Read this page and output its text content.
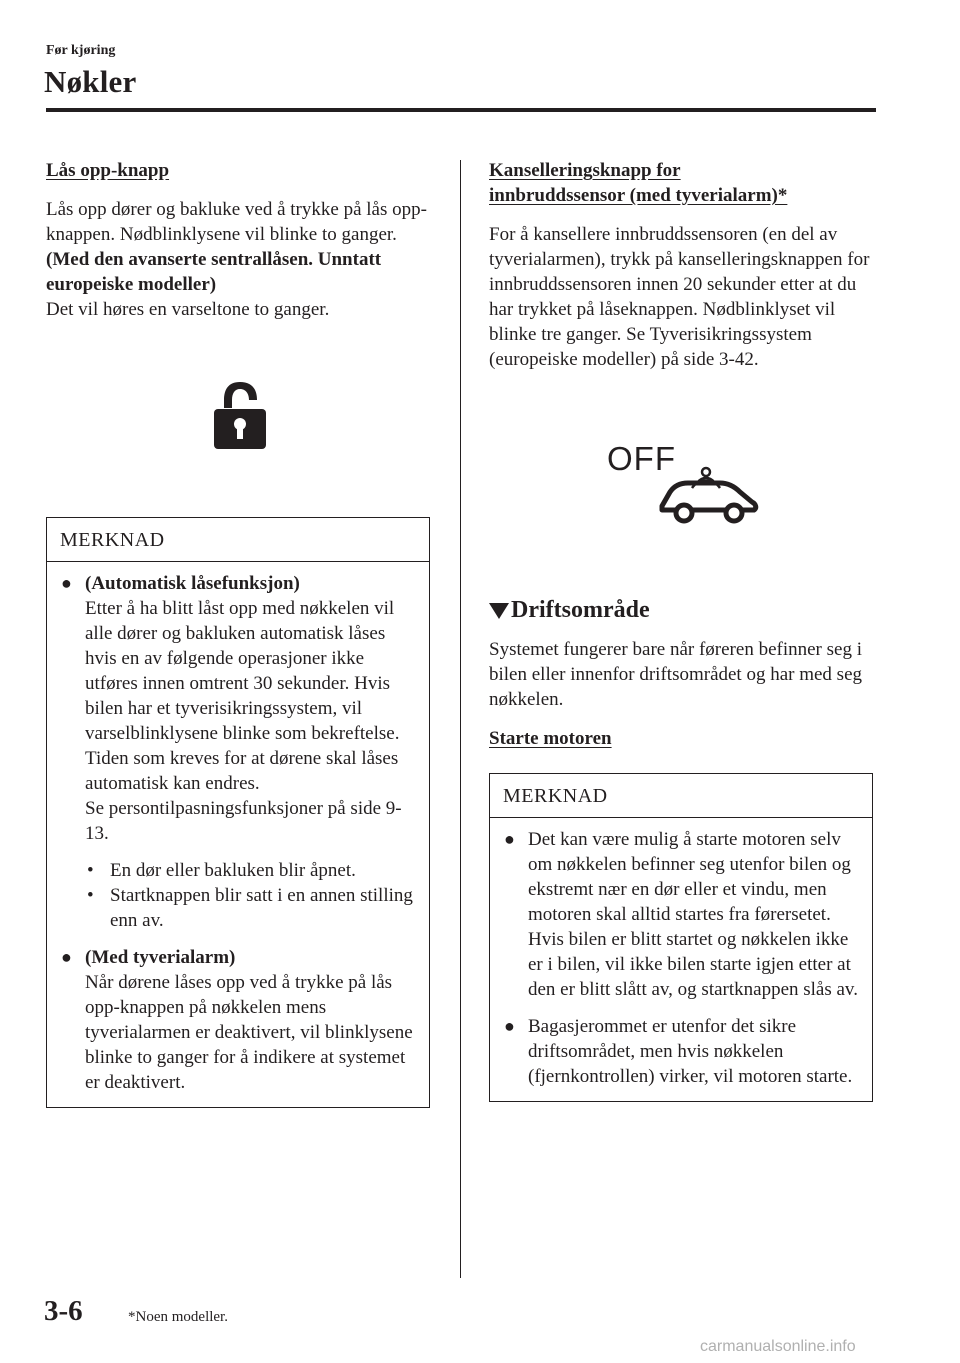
Før kjøring
Nøkler

Lås opp-knapp

Lås opp dører og bakluke ved å trykke på lås opp-knappen. Nødblinklysene vil blinke to ganger.

(Med den avanserte sentrallåsen. Unntatt europeiske modeller)

Det vil høres en varseltone to ganger.

MERKNAD
● (Automatisk låsefunksjon)
Etter å ha blitt låst opp med nøkkelen vil alle dører og bakluken automatisk låses hvis en av følgende operasjoner ikke utføres innen omtrent 30 sekunder. Hvis bilen har et tyverisikringssystem, vil varselblinklysene blinke som bekreftelse.
Tiden som kreves for at dørene skal låses automatisk kan endres.
Se persontilpasningsfunksjoner på side 9-13.
• En dør eller bakluken blir åpnet.
• Startknappen blir satt i en annen stilling enn av.
● (Med tyverialarm)
Når dørene låses opp ved å trykke på lås opp-knappen på nøkkelen mens tyverialarmen er deaktivert, vil blinklysene blinke to ganger for å indikere at systemet er deaktivert.

Kanselleringsknapp for

innbruddssensor (med tyverialarm)*

For å kansellere innbruddssensoren (en del av tyverialarmen), trykk på kanselleringsknappen for innbruddssensoren innen 20 sekunder etter at du har trykket på låseknappen. Nødblinklyset vil blinke tre ganger. Se Tyverisikringssystem (europeiske modeller) på side 3-42.

OFF
Driftsområde

Systemet fungerer bare når føreren befinner seg i bilen eller innenfor driftsområdet og har med seg nøkkelen.

Starte motoren

MERKNAD
● Det kan være mulig å starte motoren selv om nøkkelen befinner seg utenfor bilen og ekstremt nær en dør eller et vindu, men motoren skal alltid startes fra førersetet.
Hvis bilen er blitt startet og nøkkelen ikke er i bilen, vil ikke bilen starte igjen etter at den er blitt slått av, og startknappen slås av.
● Bagasjerommet er utenfor det sikre driftsområdet, men hvis nøkkelen (fjernkontrollen) virker, vil motoren starte.
3-6	*Noen modeller.
carmanualsonline.info
